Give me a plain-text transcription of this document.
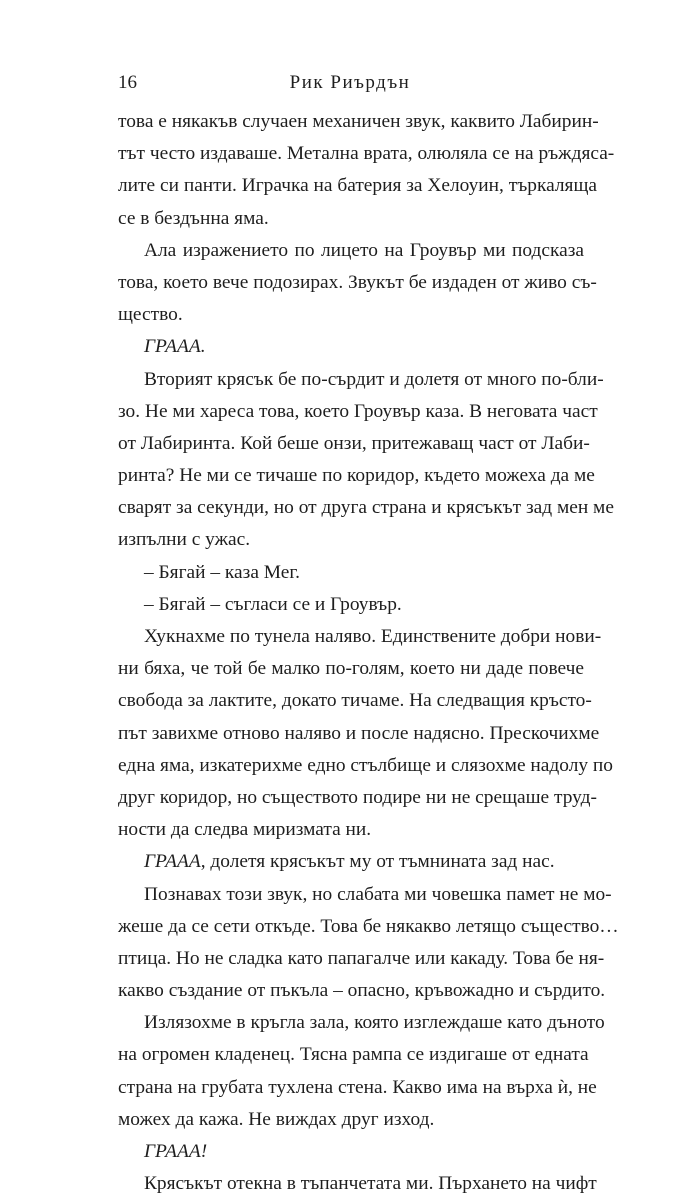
16	Рик Риърдън
това е някакъв случаен механичен звук, каквито Лабирин-
тът често издаваше. Метална врата, олюляла се на ръждяса-
лите си панти. Играчка на батерия за Хелоуин, търкаляща
се в бездънна яма.
Ала изражението по лицето на Гроувър ми подсказа
това, което вече подозирах. Звукът бе издаден от живо съ-
щество.
ГРААА.
Вторият крясък бе по-сърдит и долетя от много по-бли-
зо. Не ми хареса това, което Гроувър каза. В неговата част
от Лабиринта. Кой беше онзи, притежаващ част от Лаби-
ринта? Не ми се тичаше по коридор, където можеха да ме
сварят за секунди, но от друга страна и крясъкът зад мен ме
изпълни с ужас.
– Бягай – каза Мег.
– Бягай – съгласи се и Гроувър.
Хукнахме по тунела наляво. Единствените добри нови-
ни бяха, че той бе малко по-голям, което ни даде повече
свобода за лактите, докато тичаме. На следващия кръсто-
път завихме отново наляво и после надясно. Прескочихме
една яма, изкатерихме едно стълбище и слязохме надолу по
друг коридор, но съществото подире ни не срещаше труд-
ности да следва миризмата ни.
ГРААА, долетя крясъкът му от тъмнината зад нас.
Познавах този звук, но слабата ми човешка памет не мо-
жеше да се сети откъде. Това бе някакво летящо същество…
птица. Но не сладка като папагалче или какаду. Това бе ня-
какво създание от пъкъла – опасно, кръвожадно и сърдито.
Излязохме в кръгла зала, която изглеждаше като дъното
на огромен кладенец. Тясна рампа се издигаше от едната
страна на грубата тухлена стена. Какво има на върха ѝ, не
можех да кажа. Не виждах друг изход.
ГРААА!
Крясъкът отекна в тъпанчетата ми. Пърхането на чифт
